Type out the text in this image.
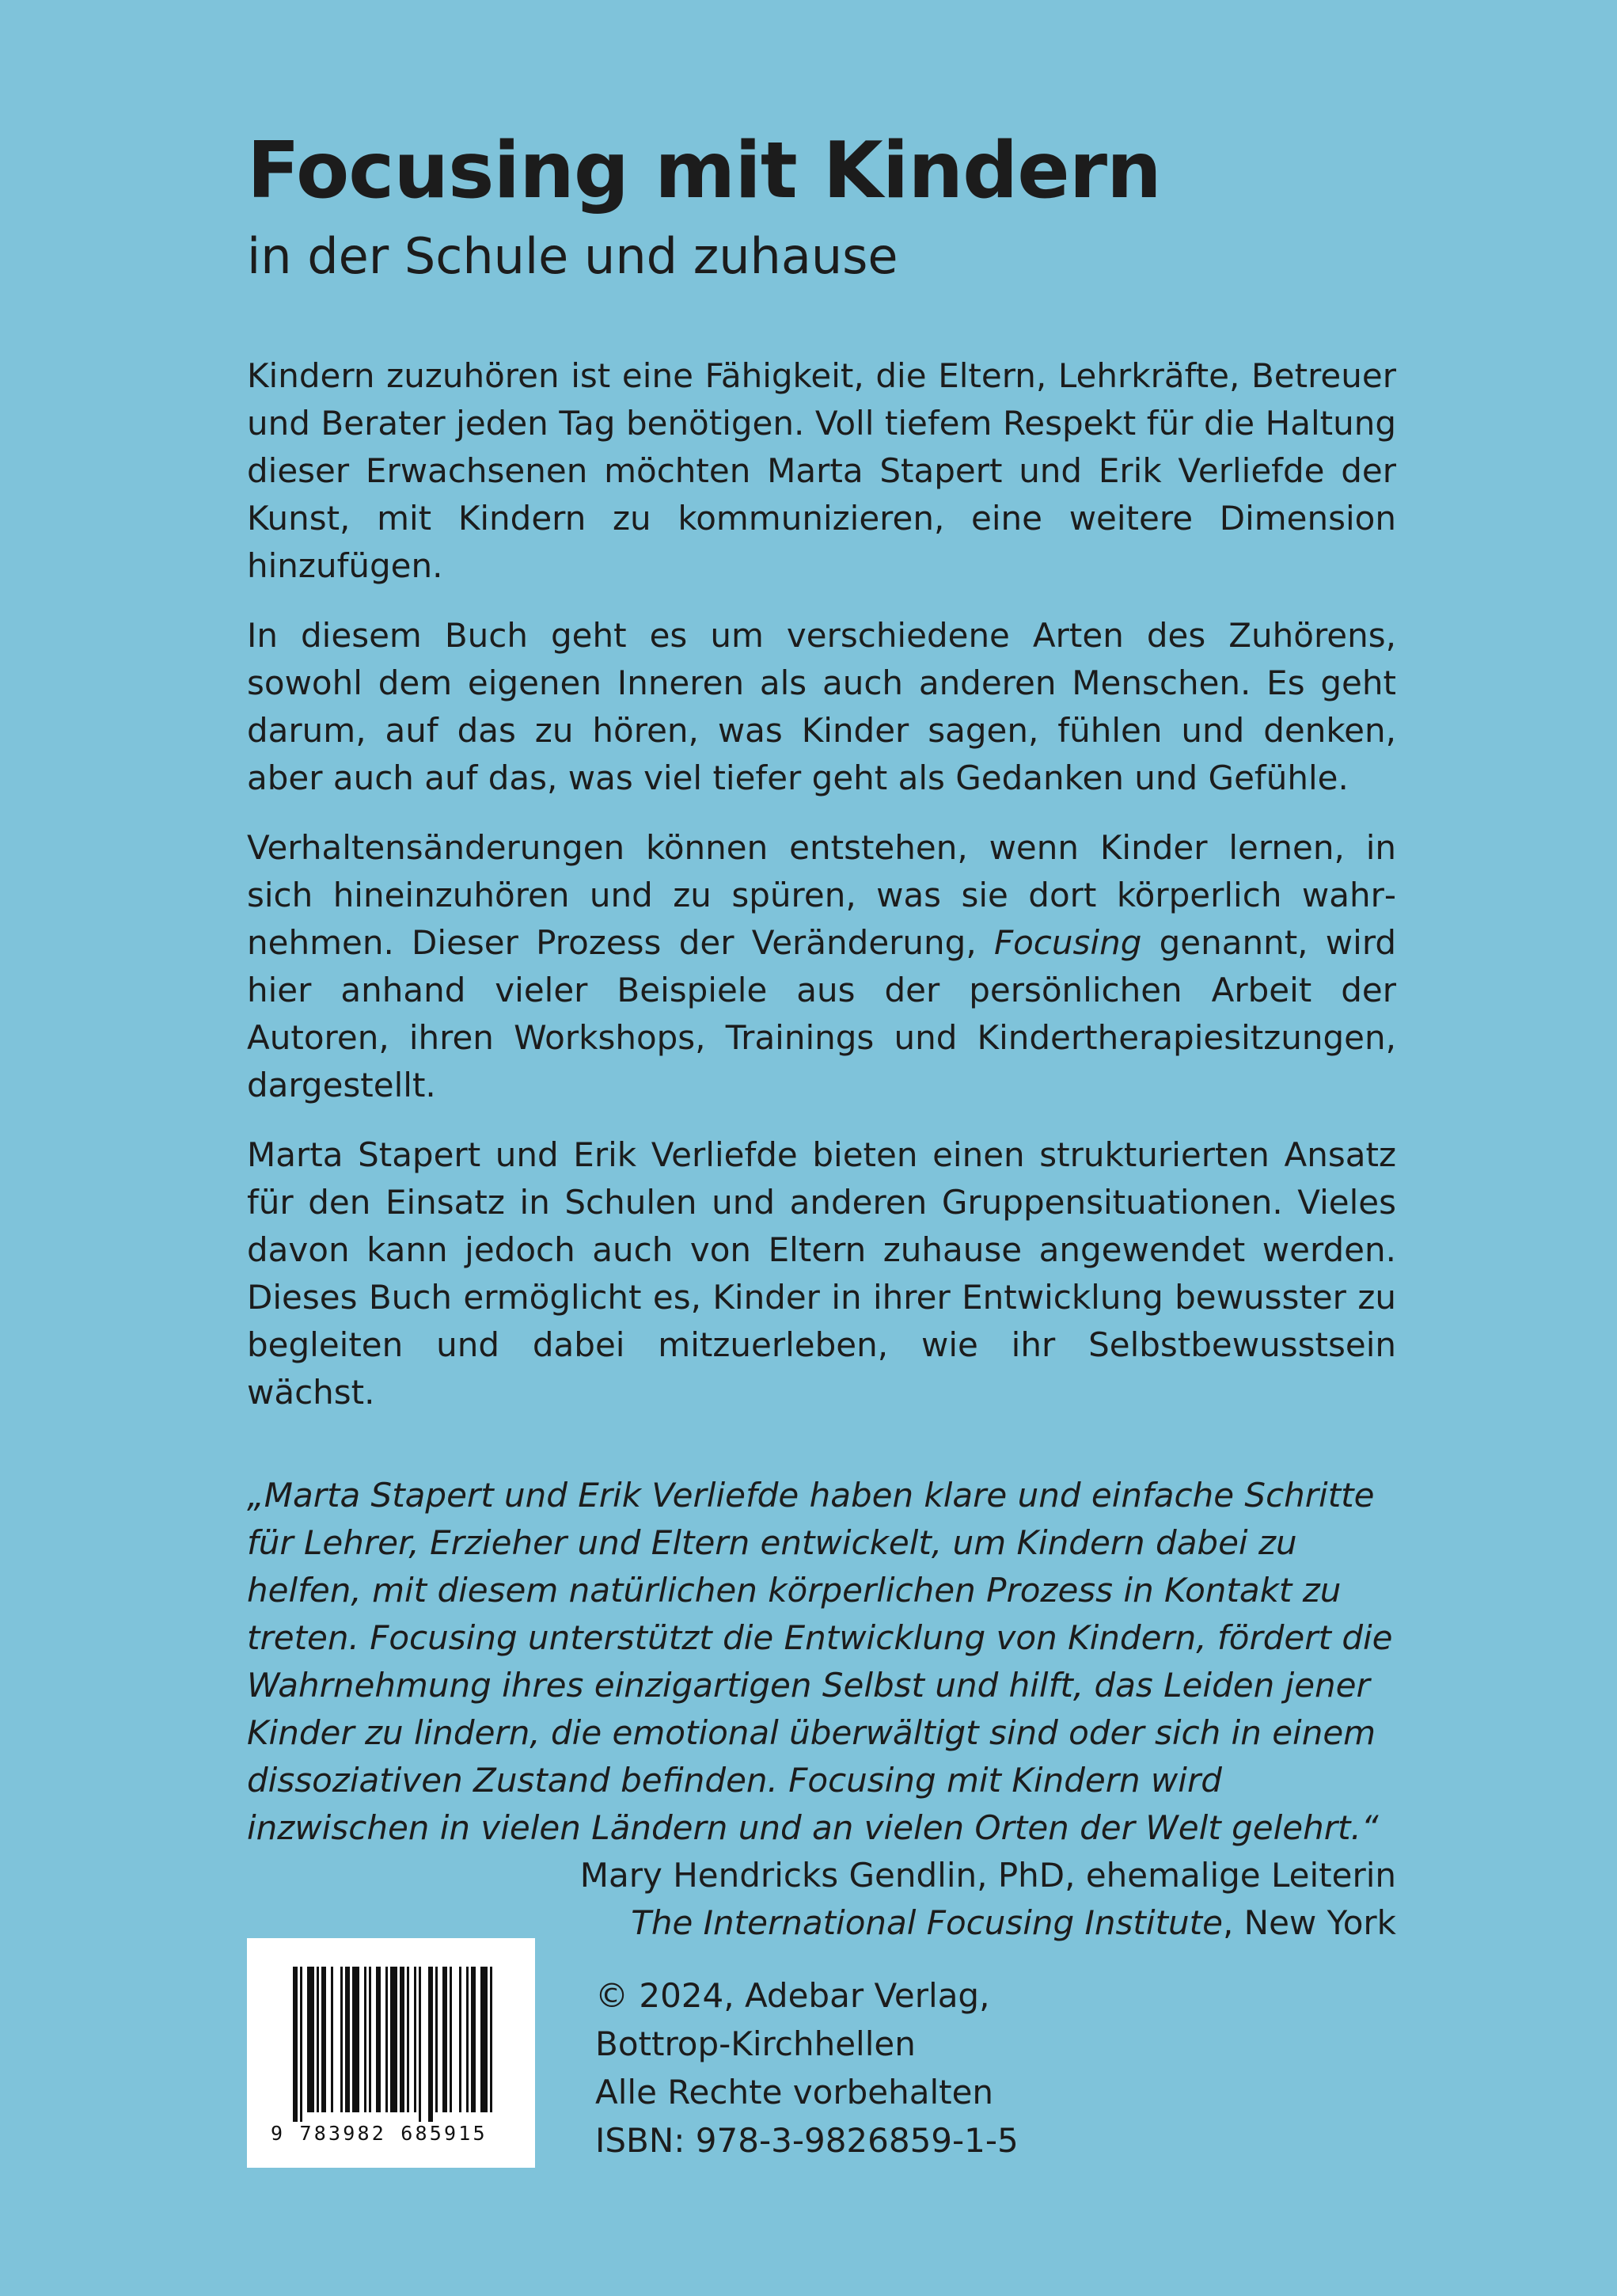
Focusing mit Kindern
in der Schule und zuhause

Kindern zuzuhören ist eine Fähigkeit, die Eltern, Lehrkräfte, Betreuer und Berater jeden Tag benötigen. Voll tiefem Respekt für die Haltung dieser Erwachsenen möchten Marta Stapert und Erik Verliefde der Kunst, mit Kindern zu kommunizieren, eine weitere Dimension hinzufügen.

In diesem Buch geht es um verschiedene Arten des Zuhörens, sowohl dem eigenen Inneren als auch anderen Menschen. Es geht darum, auf das zu hören, was Kinder sagen, fühlen und denken, aber auch auf das, was viel tiefer geht als Gedanken und Gefühle.

Verhaltensänderungen können entstehen, wenn Kinder lernen, in sich hineinzuhören und zu spüren, was sie dort körperlich wahrnehmen. Dieser Prozess der Veränderung, Focusing genannt, wird hier anhand vieler Beispiele aus der persönlichen Arbeit der Autoren, ihren Workshops, Trainings und Kindertherapiesitzungen, dargestellt.

Marta Stapert und Erik Verliefde bieten einen strukturierten Ansatz für den Einsatz in Schulen und anderen Gruppensituationen. Vieles davon kann jedoch auch von Eltern zuhause angewendet werden. Dieses Buch ermöglicht es, Kinder in ihrer Entwicklung bewusster zu begleiten und dabei mitzuerleben, wie ihr Selbstbewusstsein wächst.

„Marta Stapert und Erik Verliefde haben klare und einfache Schritte für Lehrer, Erzieher und Eltern entwickelt, um Kindern dabei zu helfen, mit diesem natürlichen körperlichen Prozess in Kontakt zu treten. Focusing unterstützt die Entwicklung von Kindern, fördert die Wahrnehmung ihres einzigartigen Selbst und hilft, das Leiden jener Kinder zu lindern, die emotional überwältigt sind oder sich in einem dissoziativen Zustand befinden. Focusing mit Kindern wird inzwischen in vielen Ländern und an vielen Orten der Welt gelehrt.“

Mary Hendricks Gendlin, PhD, ehemalige Leiterin

The International Focusing Institute, New York

9 783982 685915
© 2024, Adebar Verlag,
Bottrop-Kirchhellen
Alle Rechte vorbehalten
ISBN: 978-3-9826859-1-5
